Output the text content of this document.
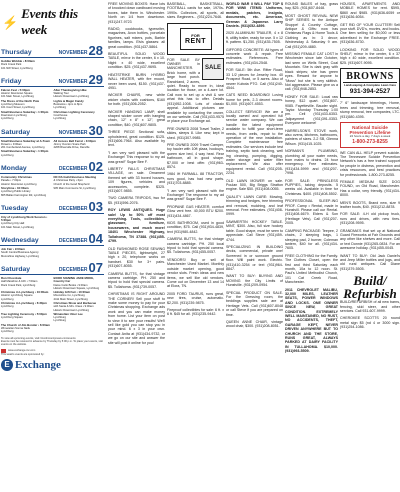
⚡
Events this week
Thursday	NOVEMBER 28
Gobble Wobble • 8:00am
Rock Creek Park
101 NW Street, Lynchburg
Friday	NOVEMBER 29
Falcon Fest • 5:00pm
Historic Downtown Square
101 Main Street, Lynchburg
After Thanksgiving Hike
Walking Tour
Historic Downtown Lynchburg
The Dress of the North Pole
Lynchburg Museum
101 Court Street, Lynchburg
Lights & Magic Candy
Bookstore • 4pm to 8pm
Lynchburg
Small Business Saturday • 1:00pm
Downtown Lynchburg
Lynchburg
Christmas Lighting Ceremony
Courthouse
Lynchburg
Saturday	NOVEMBER 30
Small Business Saturday at A-Town
Flowers • 9:00am
201 Cumberland Avenue, Lynchburg
All Access Bell Ferret • 3:00pm
Jimmy Overton Snare Park
4208 Riverside Drive, Danville
Small Business Saturday • 1:00pm
Lynchburg
Monday	DECEMBER 02
Community Christmas
Parade • 7:00pm
Historic Downtown Lynchburg
NC DA Guild Business Meeting
& Christmas Party • 6pm
Church of the Good Shepherd
Storytime • 10:00am
Lynchburg Public Library
805 Ballan Farmington Rd, Lynchburg
905 Main Commerce St, Lynchburg
Tuesday	DECEMBER 03
City of Lynchburg Work Session • 5:00pm
Lynchburg City Hall
101 Main Street, Lynchburg
Wednesday	DECEMBER 04
Job Fair • 9:00am
South Central Business Agency
Moonshine Highway, Lynchburg
Saturday	DECEMBER 07
Run Chocolate
Half Marathon & 10K • 7:00am
Rock Creek Park, Lynchburg
BOOK SIGNING JADE MOKE, Country Car
Dame Carlo Books • 9:00am
Historic Downtown Square, Lynchburg
Christmas in Lynchburg • 10:00am
Historic Lynchburg Square
Lynchburg
Holiday Gift Fair • 10:00am
Moonshine Co, Lynchburg
4411 Main Street, Lynchburg
Christmas in Lynchburg • 6:30pm
Lynchburg
Christmas Show and Barbecue
with Santa & Mrs. Claus • 9:00am
Historic Downtown Lynchburg
Tree Lighting Ceremony • 5:00pm
Lynchburg Square
Wimarelian Ulcer Lee
Lynchburg
Lynchburg
The Church of Jim Bonder • 6:00am
Wimarelian Sonna Nadu
Lynchburg
To view all upcoming events, visit: lincolncountynews.com/events
Events must be received in advance by Thursday by 5:00 p.m. To place your events, visit events on the website.
www.exchange-inc.com
This week's events are sponsored by:
E Exchange
FREE MOVING BOXES: Have lots of knocked down cardboard moving boxes, take them in. Winchester. North on 1/4 from downtown. (931)247-9723
RADIO, cookbooks, typewriter, magazines, Avon bottles, porcelain figurines, salt mixers, pots, Barbie families, lamps. Elvis glasses: all great condition. (931)437-5864.
BEAUTIFUL SOLID WOOD TABLE, mirror in the center, 6 x 10. Night x 40 wide, excellent condition. $25. (931)437-9695.
HEATSTRIKE BURN HYBRID WALL HEATER, with fire mount, never been used, $150. (931)437-4951.
WICKER CHAIRS, new white wicker chairs with cushions, $160 for both. (931)306-2052.
WICKER HANGING LAMP, shell shaped wicker cover with hanging chain, 12" x 8" x 12", great condition, $40. (931)607-9805.
THREE PIECE Sectional sofa, upholstered, great condition. $125. (931)606-7964. Also available by text.
"I am very well pleased with the Exchange! This response to my ad was great!" Sugar Bee F.
LIBERTY FALLS CHRISTMAS VILLAGE, on sale. Ornament themed set with 33 boxed houses, 109 figures, vehicles and accessories, complete. $325. (931)607-9855.
TWO CAMERA TRIPODS, two for $5. (931)596-2076.
ROY LEWIS ANTIQUES. Huge sale! Up to 50% off most everything. Tools, collectibles, glassware, furniture, housewares, and much more! 18401 Winchester Highway, Tullahoma, TN 37388. (931)455-4799.
OLD FASHIONED ROSE SEWING TABLE PIECES, lightweight, 27 high x 20, telephone works on handset. $30 for 3+ pairs. (931)607-8055.
CAMERA BUTTS, for that vintage camera cartridge. PH. 250 and tripod to hold that special camera. $5. Tullahoma. (931)739-0057.
CHRISTMAS IS RIGHT AROUND THE CORNER! Sell your stuff to make some money to pay for your Christmas shopping. Exchange ads work and you can make money from home. List your item on post to view it to see your results! We'll sell like gold you can stop you in your mind. 6 x 3 in your own. Contact Anita at (931)434-9732, or we go on our site and answer the site will post it online for you!
BASEBALL, BASKETBALL, FOOTBALL cards for sale, 1970s-1990s. Collectors, all sports, all sizes. Beginners... (931)224-7646.
FOR
RENT
SALE
FOR SALE BY OWNER in MANCHESTER. Brick home, with a large front porch. Ranchland, 2 acres, quiet. Ready to move in, ideal location for those, on a 4-acre lot. Call now to set up a visit & see what this has to offer. Details (931)952-1008. Lots of classic appeal. Additional pictures are available by contacting the owner, on our website. Call (931)433-9575 or place your Exchange ad.
PRE OWNED 2008 Travel Trailer, 2 slides, sleeps 8. Like new, kept in shed. (931)307-9985.
PRE OWNED 2009 Travel Camper, toy hauler with 10ft plaza, hookups, queen size bed, 4 way heat. Rear bathroom, all in good shape. $7,000 or best offer. (931)963-8574.
1984 IH FARMALL 88 TRACTOR, runs good, has had new parts. (931)703-8885.
"I am very well pleased with the Exchange! The response to my ad was great!" Sugar Bee F.
PROPANE GAS HEATER, comfort Glow vent free. 40,000 BTU $200. (931)434-4867.
KIDS BATHROOM, used in good condition, $75. Call (931)934-4839, text (931)980-4842.
CAMERA BUTTS, for that vintage camera cartridge. PH. 250 local tripod to hold that special camera. $5. Tullahoma. (931)455-0057.
VENDORS! Buy or sell at Manchester Used Market. Monthly outside market opening, good vendor slots. Fresh ideas and new items, we sell like old vendors. Come out on December 13 and 14 at Elora, TN.
2005 FORD TAURUS, runs great, new tires, cruise, automatic. $2,200. (931)239-9875.
Fireproof collectibles for sale: 6 ft. x 6 ft. $45 for all. (931)235-9442.
WORLD WAR II WILL PAY TOP $ FOR WWII ITEMS: Uniforms, medals, patches, insignia, documents, etc. American, German & Japanese. Larry Daniels. (931)652-4899.
2020 ALUMINUM TRAILER, 4 x 8 ft, utility trailer, ready for use. 5 x 12 ft. pattern. $1,250. (931)435-7505.
GIFFORD CONCRETE: All types of concrete work & repair. Free estimates. References. Free estimates. (931)434-2548.
FOR SALE: 5th Ave. Ritter Road, 33 1/2 pieces for Jewelry box. 40 Prospect Road, or 5 acres. Also of newer Kubota PTO. Call (931)240-4544.
CATS NEED BOARDING! Loving home for pets, 2-3 decent rooms. $1,000. (931)607-4553.
COLLECT SERVICE! We are a locally owned and operated full service water company. We can handle the latest equipment available to fulfill your short-term needs, from wells, repair to the operation of the new installation. Complete maintenance free estimates. Our services include test training, septic tank cleaning, well ing cleaning, pumping, digging, water storage and water filter replacement. We also offer equipment rental. Call (931)205-2234.
OLD LAWN MOWER on sale. Poulan 500, Big Briggs Stratton engine. Sale $50. (931)408-0055.
QUALITY LAWN CARE: Mowing, trimming and hedges, tree trimming and removal, mulching, and leaf removal. Free estimates. (931)408-0999.
SAWMERTIN HOCKEY TABLE. MINT, $300. Also, full size hockey table. Good shape, must be seen to appreciate. Call Steve (931)459-4744.
SPECIALIZING IN BUILDING decks, commercial, private one! Screened in or sunroom ground floor. Will paint work. Electric. (931)410-3254 or text (931)964-8847.
WANT TO BUY: BUYING AND MOVING the City Limits of Hunstville. (931)209-0954.
SPECIAL PRODUCT ON SALE. For the Dressing room, the beddings supplies sale are at Heritage Vets. Call (931)607-8048 or call Steve if you are prepared on time.
QUEEN ANNE CHAIR, vintage wood chair, $300. (931)208-8051.
ROUND BALES of hay, grass hay, $25. (931)607-8448.
MOST GHOST REVIVAL NEW SHIP SERIES to the Antique Shoppe! A Country Cottage, Antique & Gifts: now has Christmas Flags & Home Tools & Clothing as in: 3 decor; Wednesday & Saturday 9 am. Call (931)209-4880.
MISSING FEMALE CAT LOST in Winchester since late October, last seen on Wells Street, Coal Mountain. She is dark gray with black stripes; she has green eyes. Reward for anyone to "Moss" but she is very skittish. Not aggressive. Please give us a call. (931)948-2853.
HONEY FOR SALE: Local raw honey, $12 quart. (931)607-9085. Fayetteville. Bauder sight. Taylor. Monday Thursday 1:00 pm. Cell (931)433-6353. Jalipayment (931)391-0353. Everyone welcome!
HARRELSON'S STOVE work, also ovens, kitchens, bathrooms, painters of sizes. 2-2 SB, Glenna Wilson. (931)415-1025.
NORMAN'S PLUMBING, plumbing all your water needs, from mains to drains. 24 hour emergency. Free estimates. (931)434-5999 and (931)207-7998.
FOR SALE: PRINGLESS PUPPIES, taking deposits. 5 weeks old. Available in time for Christmas. $400. (931)408-5502.
PROFESSIONAL SLEEP-ING PROF. Camp • Rental, made in Hunstvill. Please call our Rental. (931)408-6679. Elders & Son (Heritage Vets), Call (931)207-2005.
CAMPING PACKAGE: Teepee, 2 chairs, 2 sleeping bags, 1 sleeping pad, 2 burner, Coleman lantern, $40 for all. (931)434-7605.
FREE CLOTHING for the Family. The Clothes Closet, open the first and third Saturday each month, 10a to 12 noon. St. Paul's United Methodist Church, 101 Cat Creek Road, Manchester.
2011 CHEVROLET MALIBU, 32,000 MILES, LEATHER SEATS, POWER WINDOWS AND LOCKS. ONE OWNER SINCE NEW, GREAT CONDITION. EXTREMELY WELL MAINTAINED, NO RUST, NO ACCIDENTS, THEFT, GARAGE KEPT, NEVER DRIVEN ANYWHERE BUT TO CHURCH AND THE STORE, RUNS GREAT, ALWAYS PARKED AT DAIRY FACILITY IN TULLAHOMA. $10,000. (931)993-5509.
HOUSES, APARTMENTS AND MOBILE HOMES for rent. $595, $860 and $985. (931)636-6059 or (931)636-6054.
GET RID OF YOUR CLUTTER! Sell your stuff. DVD's, movies, and books. One item selling for $0,000 or less advertised in the Exchange FREE. (931)636-8730.
LOOKING FOR SOLID WOOD SHELF, mirror in the center, 6 x 37 high x 40 wide, excellent condition. $25. (931)607-9095.
BROWNS
Landscaping & Complete Lawn Care
931-394-2527
7' 6" landscape trimmings, Home, trees and trimming, tree removal, stump removal, tree companies, LTC. (931)580-4395.
National Suicide Prevention Lifeline
24 hours a day, 7 days a week
1-800-273-8255
WE CAN ALL HELP prevent suicide. The Tennessee Suicide Prevention Network's has a free trained support for people in distress, prevention and crisis resources, and best practices for professionals. 1-800-273-8255.
FEMALE MEDIUM SIZE DOG FOUND, on Old Road, Manchester. Has a collar, very friendly. (931)434-8000.
MEN'S BOOTS, Brand new, size 9 leather boots, $40. (931)212-8878.
FOR SALE: 4-H old pickup truck, runs and drives, with new tires. (931)208-9595.
GRANDMA'S that set up at National Guard Fireworks at Fair Grounds and any other like shelves and more. Call or text Donnie (931)265-0834. For an awesome holiday. (931)455-0045.
WANT TO BUY: Old Jack Daniel's and Jeep Miller bottles and jugs, and old rural antiques. Call Diane (931)379-5505.
Build/
Refurbish
BUILD/REFURBISH of all new barns, fencing, skid steer, and other services. Call 931-607-9999.
CHEROKEE SCOTTS 20 round metal sign $5 (nd 4 or 3000 sign. (931)254-1086.
